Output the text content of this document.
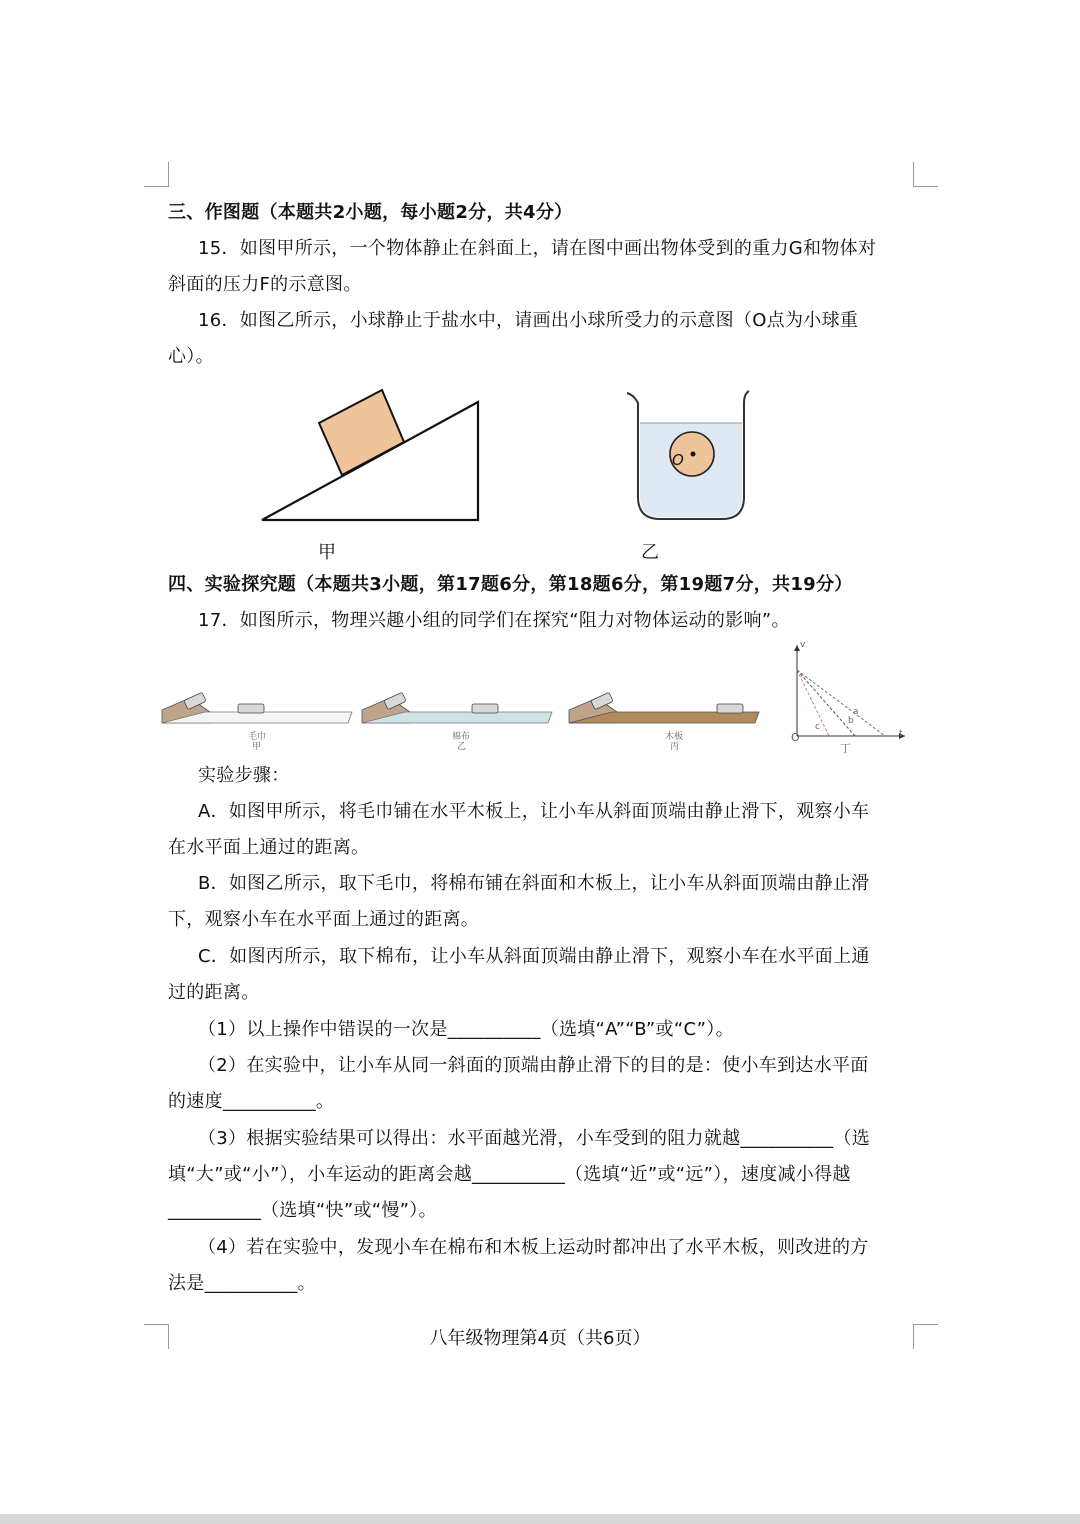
三、作图题（本题共2小题，每小题2分，共4分）
15．如图甲所示，一个物体静止在斜面上，请在图中画出物体受到的重力G和物体对
斜面的压力F的示意图。
16．如图乙所示，小球静止于盐水中，请画出小球所受力的示意图（O点为小球重
心）。
甲
O
乙
四、实验探究题（本题共3小题，第17题6分，第18题6分，第19题7分，共19分）
17．如图所示，物理兴趣小组的同学们在探究“阻力对物体运动的影响”。
毛巾
甲
棉布
乙
木板
丙
v
t
O
a
b
c
丁
实验步骤：
A．如图甲所示，将毛巾铺在水平木板上，让小车从斜面顶端由静止滑下，观察小车
在水平面上通过的距离。
B．如图乙所示，取下毛巾，将棉布铺在斜面和木板上，让小车从斜面顶端由静止滑
下，观察小车在水平面上通过的距离。
C．如图丙所示，取下棉布，让小车从斜面顶端由静止滑下，观察小车在水平面上通
过的距离。
（1）以上操作中错误的一次是__________（选填“A”“B”或“C”）。
（2）在实验中，让小车从同一斜面的顶端由静止滑下的目的是：使小车到达水平面
的速度__________。
（3）根据实验结果可以得出：水平面越光滑，小车受到的阻力就越__________（选
填“大”或“小”），小车运动的距离会越__________（选填“近”或“远”），速度减小得越
__________（选填“快”或“慢”）。
（4）若在实验中，发现小车在棉布和木板上运动时都冲出了水平木板，则改进的方
法是__________。
八年级物理第4页（共6页）
